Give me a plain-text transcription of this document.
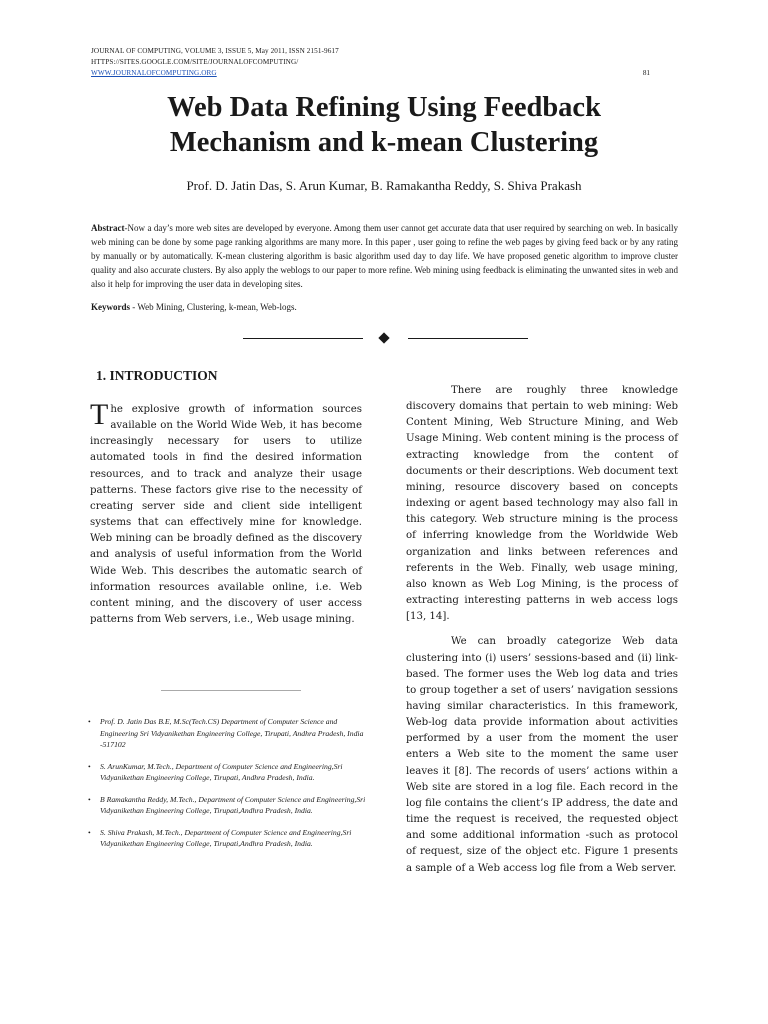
JOURNAL OF COMPUTING, VOLUME 3, ISSUE 5, May 2011, ISSN 2151-9617
HTTPS://SITES.GOOGLE.COM/SITE/JOURNALOFCOMPUTING/
WWW.JOURNALOFCOMPUTING.ORG	81
Web Data Refining Using Feedback
Mechanism and k-mean Clustering
Prof. D. Jatin Das, S. Arun Kumar, B. Ramakantha Reddy, S. Shiva Prakash

Abstract-Now a day’s more web sites are developed by everyone. Among them user cannot get accurate data that user required by searching on web. In basically web mining can be done by some page ranking algorithms are many more. In this paper , user going to refine the web pages by giving feed back or by any rating by manually or by automatically. K-mean clustering algorithm is basic algorithm used day to day life. We have proposed genetic algorithm to improve cluster quality and also accurate clusters. By also apply the weblogs to our paper to more refine. Web mining using feedback is eliminating the unwanted sites in web and also it help for improving the user data in developing sites.

Keywords - Web Mining, Clustering, k-mean, Web-logs.
1. INTRODUCTION

The explosive growth of information sources available on the World Wide Web, it has become increasingly necessary for users to utilize automated tools in find the desired information resources, and to track and analyze their usage patterns. These factors give rise to the necessity of creating server side and client side intelligent systems that can effectively mine for knowledge. Web mining can be broadly defined as the discovery and analysis of useful information from the World Wide Web. This describes the automatic search of information resources available online, i.e. Web content mining, and the discovery of user access patterns from Web servers, i.e., Web usage mining.

• Prof. D. Jatin Das B.E, M.Sc(Tech.CS) Department of Computer Science and Engineering Sri Vidyanikethan Engineering College, Tirupati, Andhra Pradesh, India -517102
• S. ArunKumar, M.Tech., Department of Computer Science and Engineering,Sri Vidyanikethan Engineering College, Tirupati, Andhra Pradesh, India.
• B Ramakantha Reddy, M.Tech., Department of Computer Science and Engineering,Sri Vidyanikethan Engineering College, Tirupati,Andhra Pradesh, India.
• S. Shiva Prakash, M.Tech., Department of Computer Science and Engineering,Sri Vidyanikethan Engineering College, Tirupati,Andhra Pradesh, India.

There are roughly three knowledge discovery domains that pertain to web mining: Web Content Mining, Web Structure Mining, and Web Usage Mining. Web content mining is the process of extracting knowledge from the content of documents or their descriptions. Web document text mining, resource discovery based on concepts indexing or agent based technology may also fall in this category. Web structure mining is the process of inferring knowledge from the Worldwide Web organization and links between references and referents in the Web. Finally, web usage mining, also known as Web Log Mining, is the process of extracting interesting patterns in web access logs [13, 14].

We can broadly categorize Web data clustering into (i) users’ sessions-based and (ii) link-based. The former uses the Web log data and tries to group together a set of users’ navigation sessions having similar characteristics. In this framework, Web-log data provide information about activities performed by a user from the moment the user enters a Web site to the moment the same user leaves it [8]. The records of users’ actions within a Web site are stored in a log file. Each record in the log file contains the client’s IP address, the date and time the request is received, the requested object and some additional information -such as protocol of request, size of the object etc. Figure 1 presents a sample of a Web access log file from a Web server.
